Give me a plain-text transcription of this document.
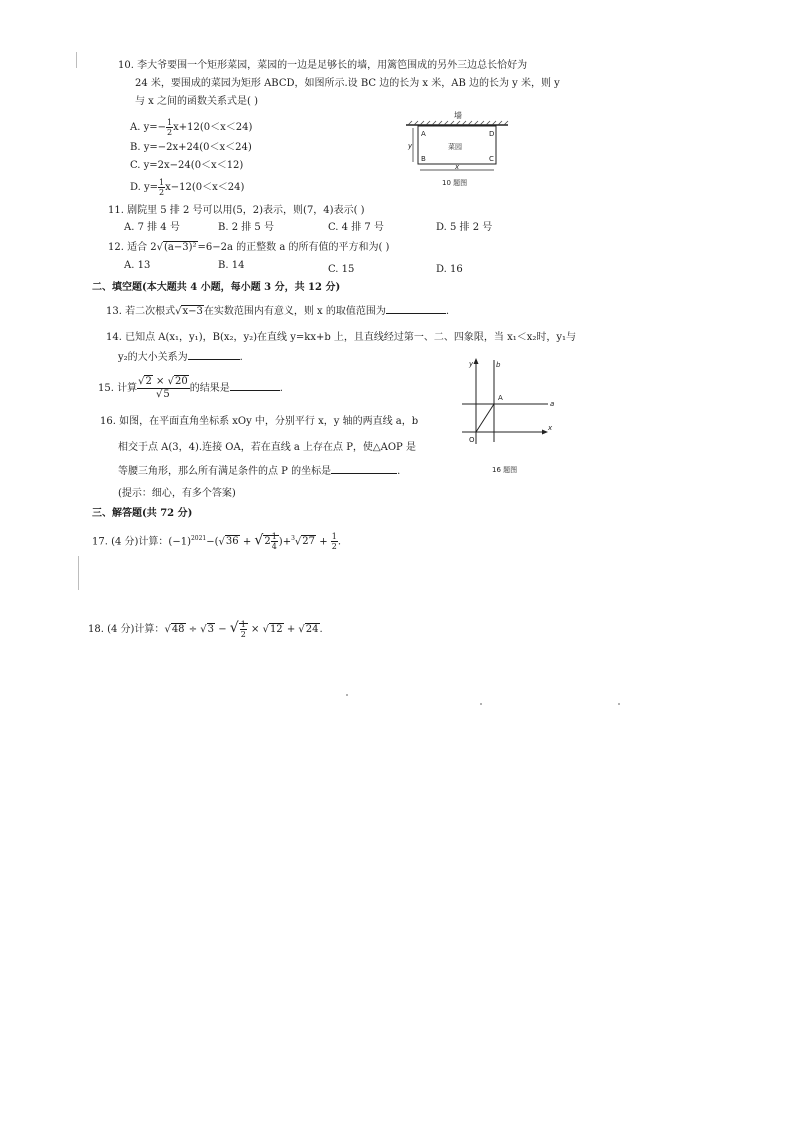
10. 李大爷要围一个矩形菜园，菜园的一边是足够长的墙，用篱笆围成的另外三边总长恰好为
24 米，要围成的菜园为矩形 ABCD，如图所示.设 BC 边的长为 x 米，AB 边的长为 y 米，则 y
与 x 之间的函数关系式是( )
A. $y=- \frac{1}{2} x+12(0<x<24)$
B. y=−2x+24(0＜x＜24)
C. y=2x−24(0＜x＜12)
D. $y= \frac{1}{2} x-12(0<x<24)$
墙
A	D
B	C
菜园
y
x
10 题图
11. 剧院里 5 排 2 号可以用(5，2)表示，则(7，4)表示( )
A. 7 排 4 号	B. 2 排 5 号	C. 4 排 7 号	D. 5 排 2 号
12. 适合 2√(a−3)²=6−2a 的正整数 a 的所有值的平方和为( )
A. 13	B. 14	C. 15	D. 16
二、填空题(本大题共 4 小题，每小题 3 分，共 12 分)
13. 若二次根式√x−3在实数范围内有意义，则 x 的取值范围为	.
14. 已知点 A(x₁，y₁)，B(x₂，y₂)在直线 y=kx+b 上，且直线经过第一、二、四象限，当 x₁＜x₂时，y₁与
y₂的大小关系为	.
15. 计算 $\frac{√2 \times √20}{√5}$ 的结果是	.
16. 如图，在平面直角坐标系 xOy 中，分别平行 x，y 轴的两直线 a，b
相交于点 A(3，4).连接 OA，若在直线 a 上存在点 P，使△AOP 是
等腰三角形，那么所有满足条件的点 P 的坐标是	.
(提示：细心，有多个答案)
y
x
b
a
A
O
16 题图
三、解答题(共 72 分)
17. (4 分)计算：$(-1)^{2021}-(√36 + √2 \frac{1}{4} )+^3√27 + \frac{1}{2}$ .
18. (4 分)计算：√48 ÷ √3 − √ $\frac{1}{2} \times √12 + √24$.
